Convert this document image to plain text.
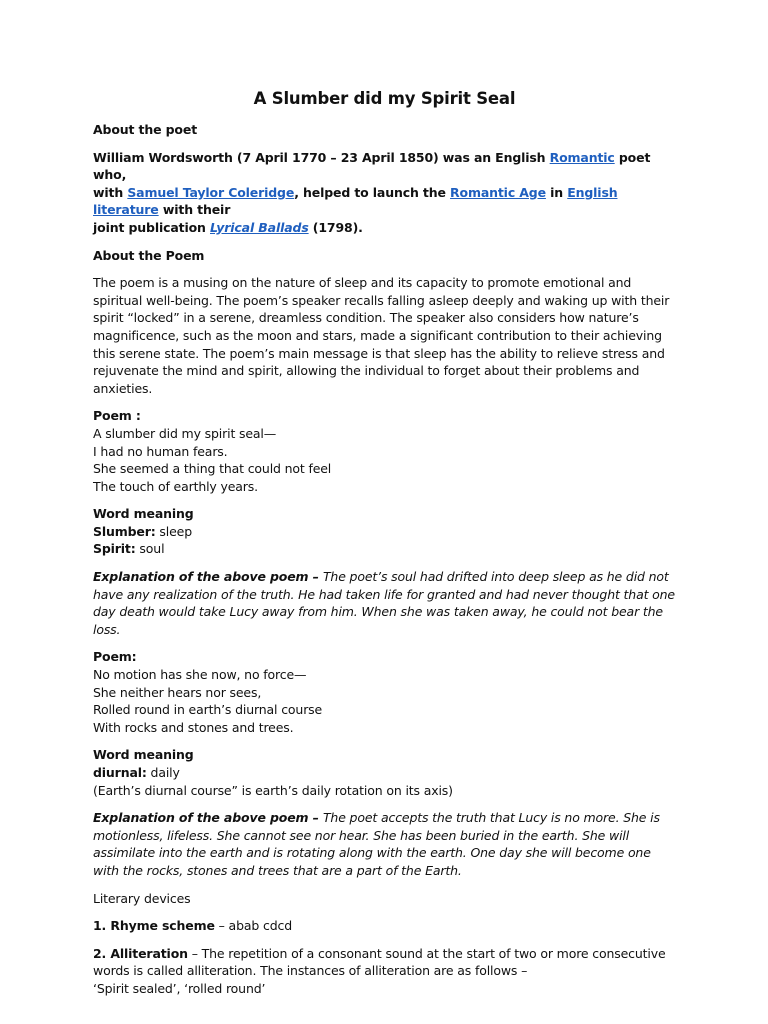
A Slumber did my Spirit Seal

About the poet

William Wordsworth (7 April 1770 – 23 April 1850) was an English Romantic poet who,
with Samuel Taylor Coleridge, helped to launch the Romantic Age in English literature with their
joint publication Lyrical Ballads (1798).

About the Poem

The poem is a musing on the nature of sleep and its capacity to promote emotional and spiritual well-being. The poem’s speaker recalls falling asleep deeply and waking up with their spirit “locked” in a serene, dreamless condition. The speaker also considers how nature’s magnificence, such as the moon and stars, made a significant contribution to their achieving this serene state. The poem’s main message is that sleep has the ability to relieve stress and rejuvenate the mind and spirit, allowing the individual to forget about their problems and anxieties.

Poem :
A slumber did my spirit seal—
I had no human fears.
She seemed a thing that could not feel
The touch of earthly years.
Word meaning
Slumber: sleep
Spirit: soul

Explanation of the above poem – The poet’s soul had drifted into deep sleep as he did not have any realization of the truth. He had taken life for granted and had never thought that one day death would take Lucy away from him. When she was taken away, he could not bear the loss.

Poem:
No motion has she now, no force—
She neither hears nor sees,
Rolled round in earth’s diurnal course
With rocks and stones and trees.
Word meaning
diurnal: daily
(Earth’s diurnal course” is earth’s daily rotation on its axis)

Explanation of the above poem – The poet accepts the truth that Lucy is no more. She is motionless, lifeless. She cannot see nor hear. She has been buried in the earth. She will assimilate into the earth and is rotating along with the earth. One day she will become one with the rocks, stones and trees that are a part of the Earth.

Literary devices

1. Rhyme scheme – abab cdcd

2. Alliteration – The repetition of a consonant sound at the start of two or more consecutive words is called alliteration. The instances of alliteration are as follows –

‘Spirit sealed’, ‘rolled round’
